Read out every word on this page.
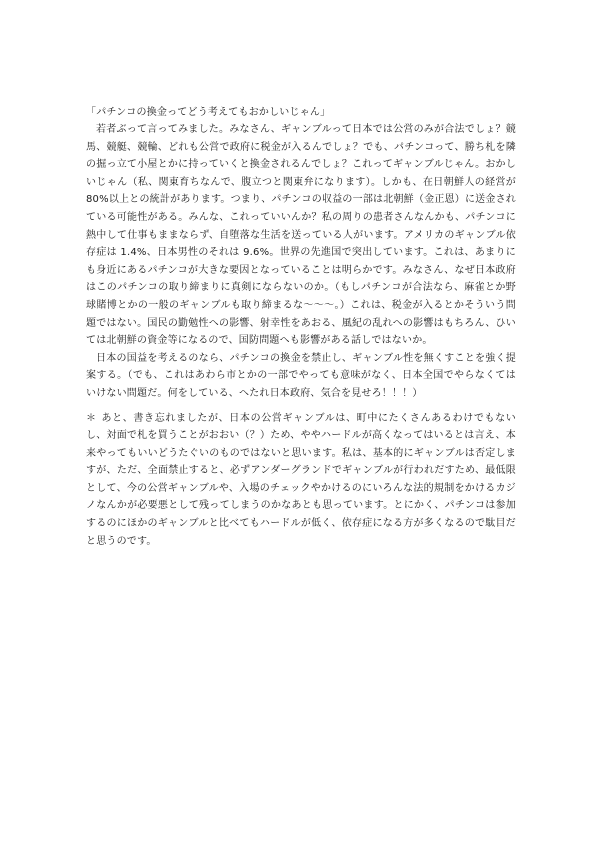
「パチンコの換金ってどう考えてもおかしいじゃん」

若者ぶって言ってみました。みなさん、ギャンブルって日本では公営のみが合法でしょ？競馬、競艇、競輪、どれも公営で政府に税金が入るんでしょ？でも、パチンコって、勝ち札を隣の掘っ立て小屋とかに持っていくと換金されるんでしょ？これってギャンブルじゃん。おかしいじゃん（私、関東育ちなんで、腹立つと関東弁になります）。しかも、在日朝鮮人の経営が 80%以上との統計があります。つまり、パチンコの収益の一部は北朝鮮（金正恩）に送金されている可能性がある。みんな、これっていいんか？私の周りの患者さんなんかも、パチンコに熱中して仕事もままならず、自堕落な生活を送っている人がいます。アメリカのギャンブル依存症は 1.4%、日本男性のそれは 9.6%。世界の先進国で突出しています。これは、あまりにも身近にあるパチンコが大きな要因となっていることは明らかです。みなさん、なぜ日本政府はこのパチンコの取り締まりに真剣にならないのか。（もしパチンコが合法なら、麻雀とか野球賭博とかの一般のギャンブルも取り締まるな～～～。）これは、税金が入るとかそういう問題ではない。国民の勤勉性への影響、射幸性をあおる、風紀の乱れへの影響はもちろん、ひいては北朝鮮の資金等になるので、国防問題へも影響がある話しではないか。

日本の国益を考えるのなら、パチンコの換金を禁止し、ギャンブル性を無くすことを強く提案する。（でも、これはあわら市とかの一部でやっても意味がなく、日本全国でやらなくてはいけない問題だ。何をしている、へたれ日本政府、気合を見せろ！！！）

＊ あと、書き忘れましたが、日本の公営ギャンブルは、町中にたくさんあるわけでもないし、対面で札を買うことがおおい（？）ため、ややハードルが高くなってはいるとは言え、本来やってもいいどうたぐいのものではないと思います。私は、基本的にギャンブルは否定しますが、ただ、全面禁止すると、必ずアンダーグランドでギャンブルが行われだすため、最低限として、今の公営ギャンブルや、入場のチェックやかけるのにいろんな法的規制をかけるカジノなんかが必要悪として残ってしまうのかなあとも思っています。とにかく、パチンコは参加するのにほかのギャンブルと比べてもハードルが低く、依存症になる方が多くなるので駄目だと思うのです。
